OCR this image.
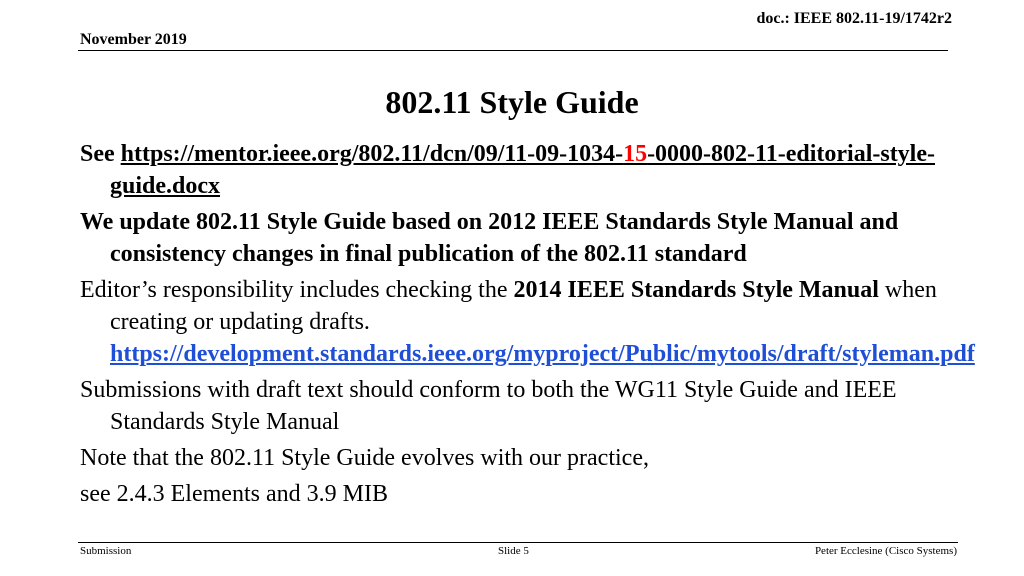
doc.: IEEE 802.11-19/1742r2
November 2019
802.11 Style Guide
See https://mentor.ieee.org/802.11/dcn/09/11-09-1034-15-0000-802-11-editorial-style-guide.docx
We update 802.11 Style Guide based on 2012 IEEE Standards Style Manual and consistency changes in final publication of the 802.11 standard
Editor’s responsibility includes checking the 2014 IEEE Standards Style Manual when creating or updating drafts.
https://development.standards.ieee.org/myproject/Public/mytools/draft/styleman.pdf
Submissions with draft text should conform to both the WG11 Style Guide and IEEE Standards Style Manual
Note that the 802.11 Style Guide evolves with our practice,
see 2.4.3 Elements and 3.9 MIB
Submission	Slide 5	Peter Ecclesine (Cisco Systems)
